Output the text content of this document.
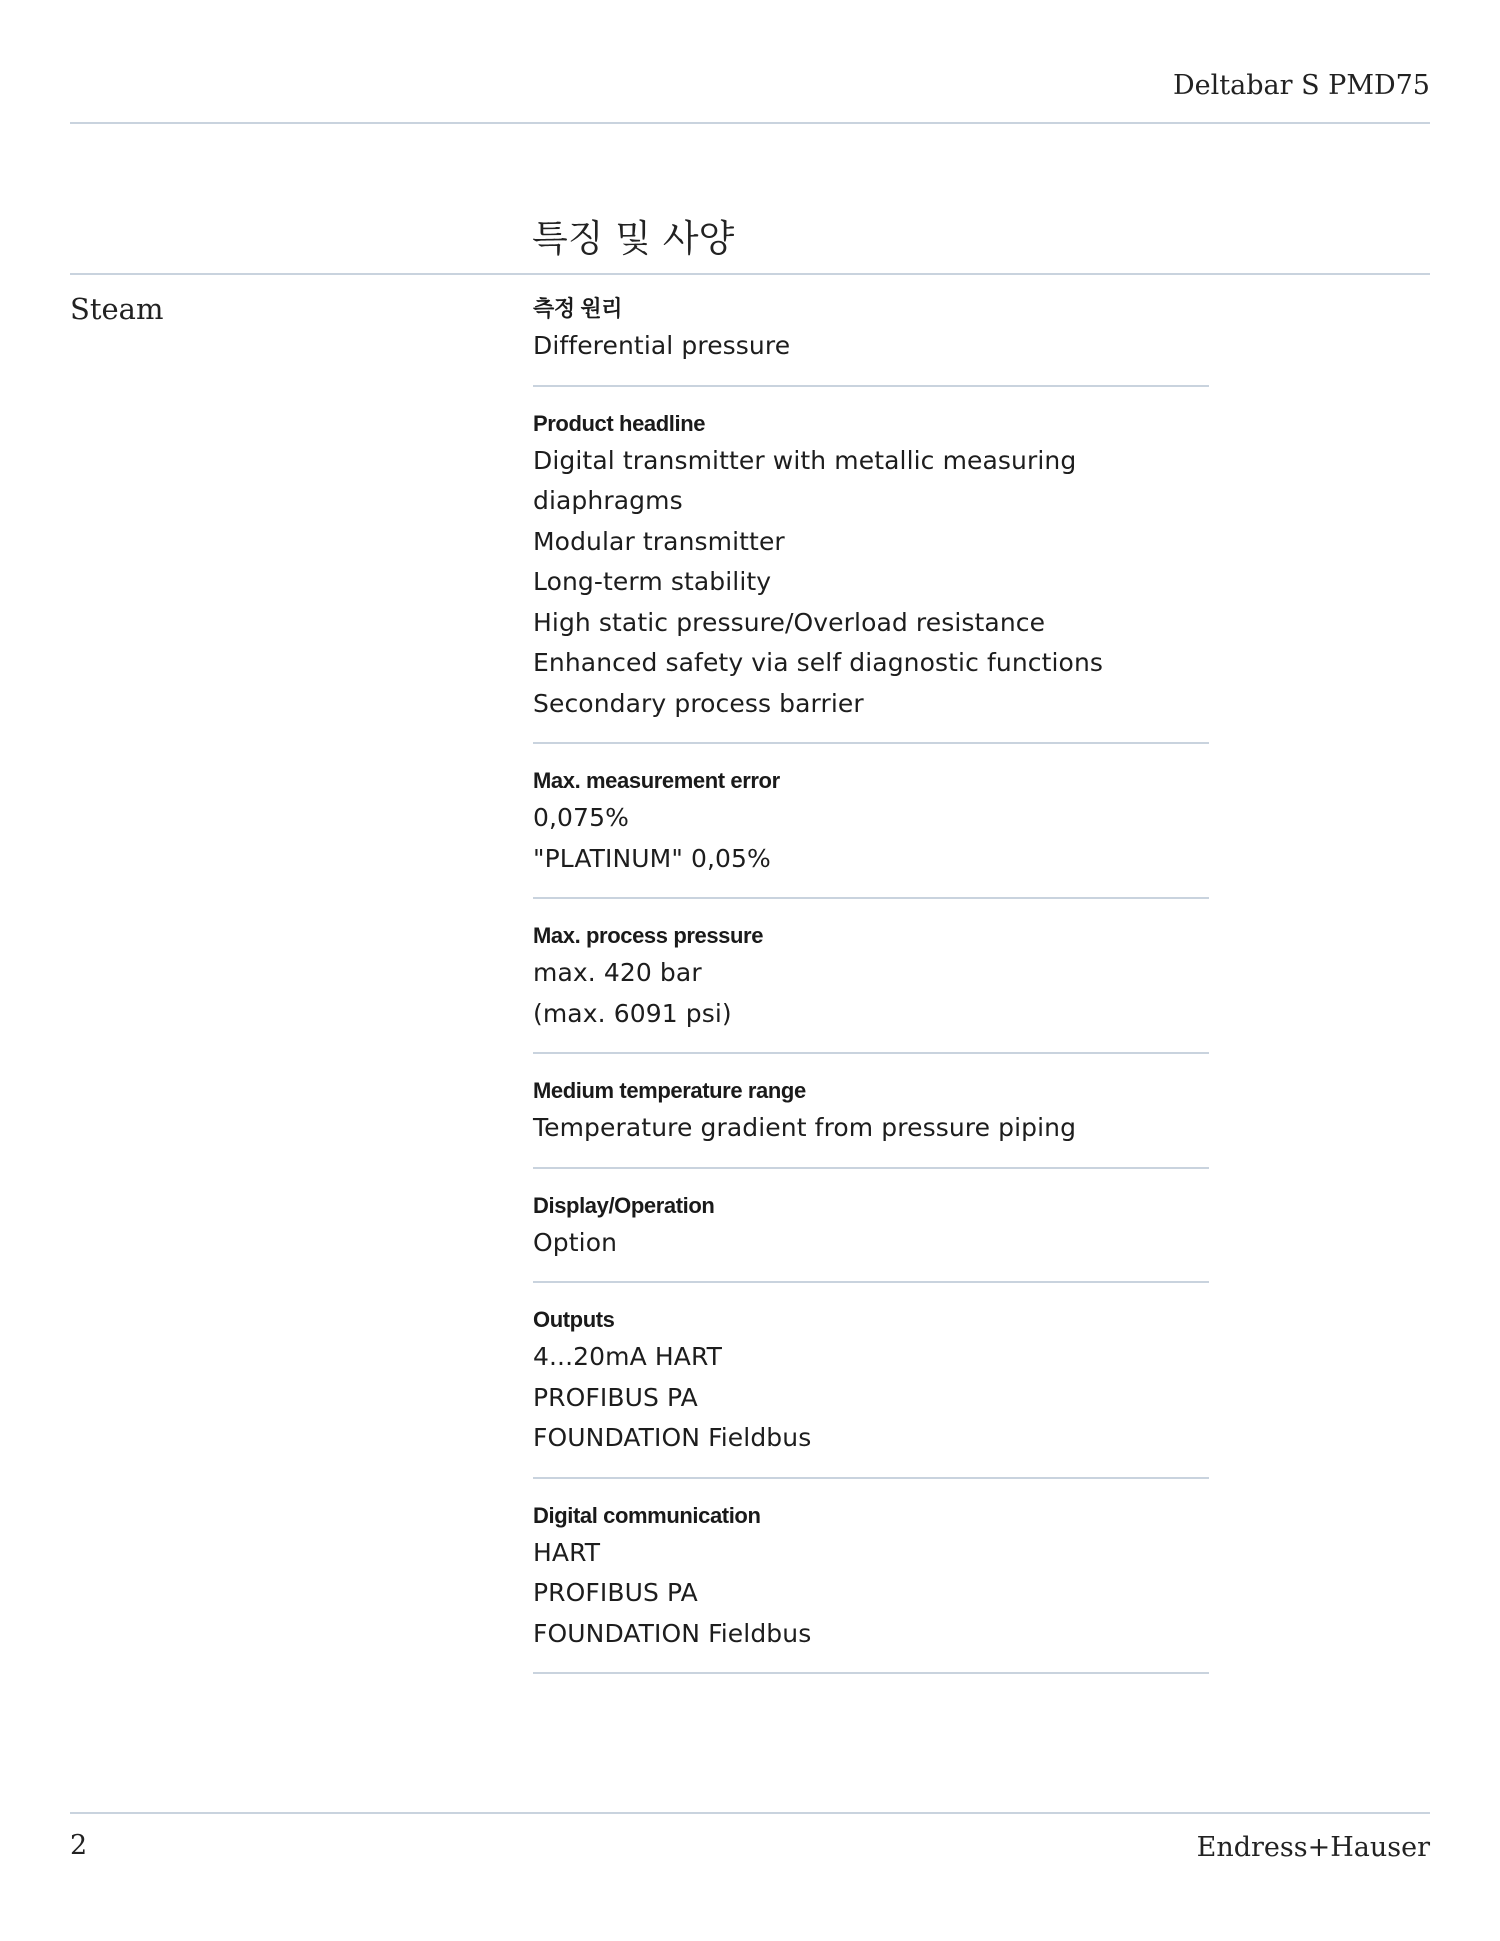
Deltabar S PMD75
특징 및 사양
Steam	측정 원리
Differential pressure
Product headline
Digital transmitter with metallic measuring
diaphragms
Modular transmitter
Long-term stability
High static pressure/Overload resistance
Enhanced safety via self diagnostic functions
Secondary process barrier
Max. measurement error
0,075%
"PLATINUM" 0,05%
Max. process pressure
max. 420 bar
(max. 6091 psi)
Medium temperature range
Temperature gradient from pressure piping
Display/Operation
Option
Outputs
4...20mA HART
PROFIBUS PA
FOUNDATION Fieldbus
Digital communication
HART
PROFIBUS PA
FOUNDATION Fieldbus
2	Endress+Hauser
